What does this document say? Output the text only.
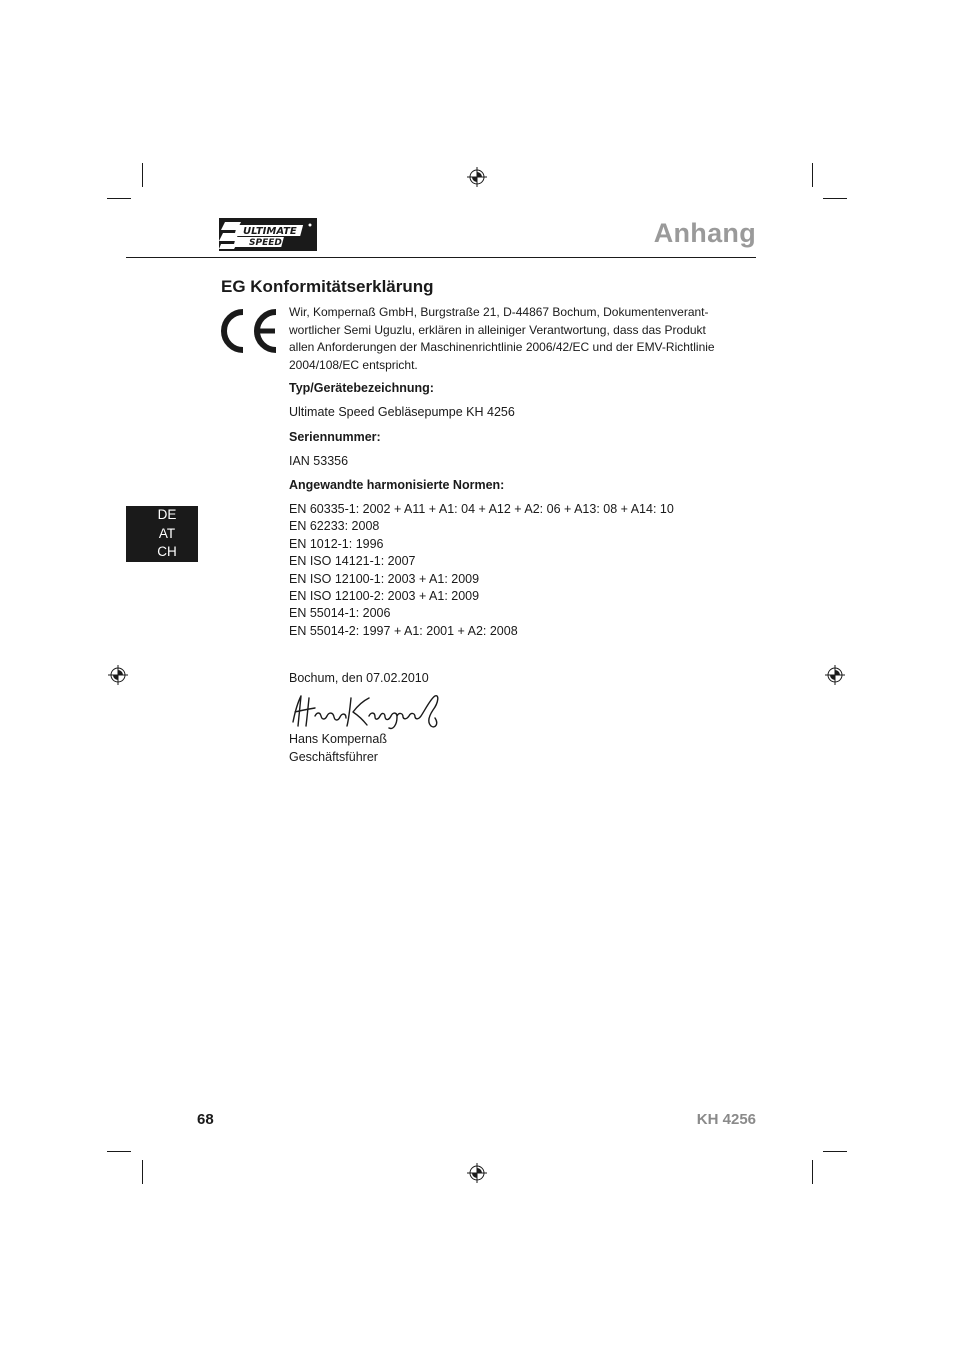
ULTIMATE
SPEED	Anhang
EG Konformitätserklärung
Wir, Kompernaß GmbH, Burgstraße 21, D-44867 Bochum, Dokumentenverant-
wortlicher Semi Uguzlu, erklären in alleiniger Verantwortung, dass das Produkt
allen Anforderungen der Maschinenrichtlinie 2006/42/EC und der EMV-Richtlinie
2004/108/EC entspricht.
Typ/Gerätebezeichnung:
Ultimate Speed Gebläsepumpe KH 4256
Seriennummer:
IAN 53356
Angewandte harmonisierte Normen:
EN 60335-1: 2002 + A11 + A1: 04 + A12 + A2: 06 + A13: 08 + A14: 10
EN 62233: 2008
EN 1012-1: 1996
EN ISO 14121-1: 2007
EN ISO 12100-1: 2003 + A1: 2009
EN ISO 12100-2: 2003 + A1: 2009
EN 55014-1: 2006
EN 55014-2: 1997 + A1: 2001 + A2: 2008
DE
AT
CH
Bochum, den 07.02.2010
Hans Kompernaß
Geschäftsführer
68	KH 4256
